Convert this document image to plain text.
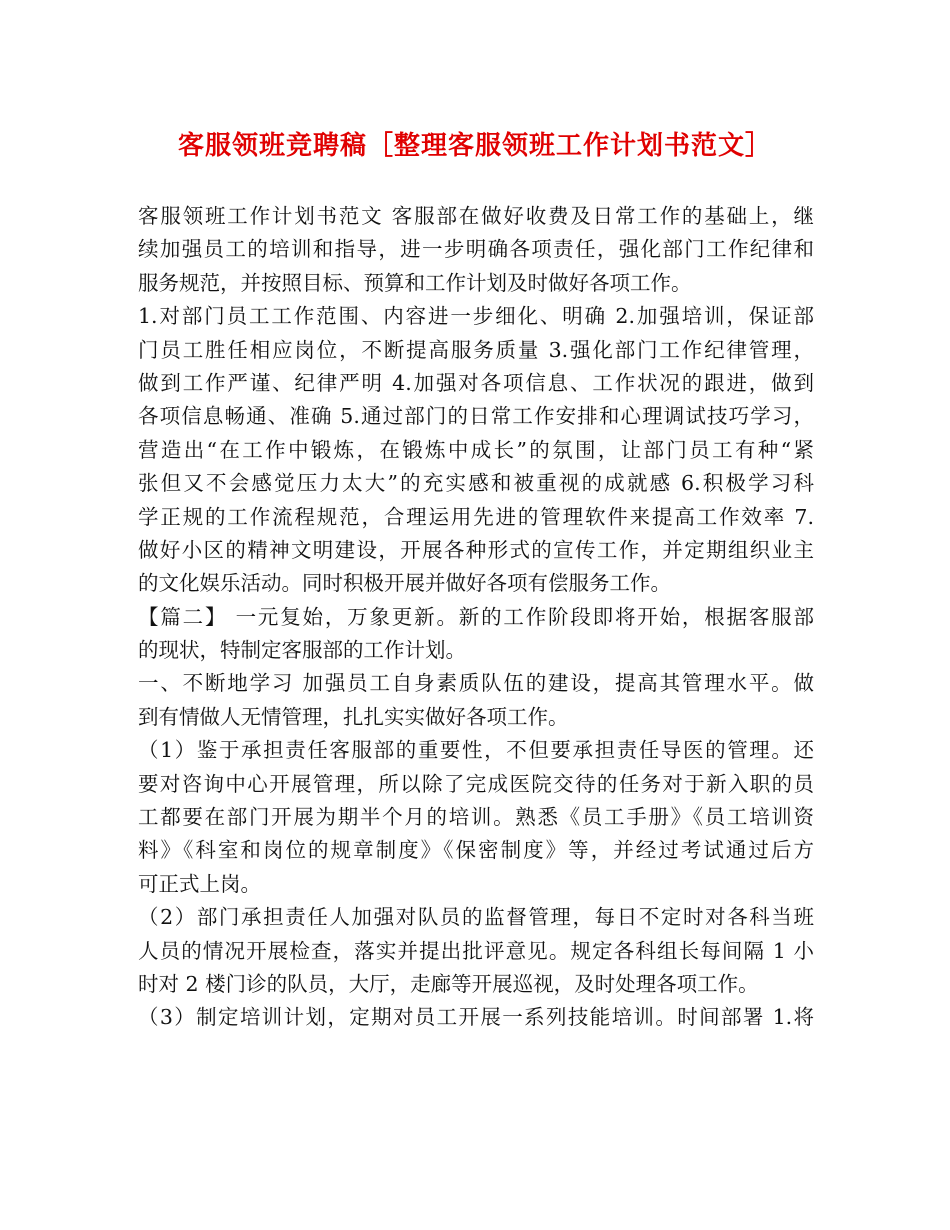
客服领班竞聘稿［整理客服领班工作计划书范文］
客服领班工作计划书范文 客服部在做好收费及日常工作的基础上，继
续加强员工的培训和指导，进一步明确各项责任，强化部门工作纪律和
服务规范，并按照目标、预算和工作计划及时做好各项工作。
1.对部门员工工作范围、内容进一步细化、明确 2.加强培训，保证部
门员工胜任相应岗位，不断提高服务质量 3.强化部门工作纪律管理，
做到工作严谨、纪律严明 4.加强对各项信息、工作状况的跟进，做到
各项信息畅通、准确 5.通过部门的日常工作安排和心理调试技巧学习，
营造出“在工作中锻炼，在锻炼中成长”的氛围，让部门员工有种“紧
张但又不会感觉压力太大”的充实感和被重视的成就感 6.积极学习科
学正规的工作流程规范，合理运用先进的管理软件来提高工作效率 7.
做好小区的精神文明建设，开展各种形式的宣传工作，并定期组织业主
的文化娱乐活动。同时积极开展并做好各项有偿服务工作。
【篇二】 一元复始，万象更新。新的工作阶段即将开始，根据客服部
的现状，特制定客服部的工作计划。
一、不断地学习 加强员工自身素质队伍的建设，提高其管理水平。做
到有情做人无情管理，扎扎实实做好各项工作。
（1）鉴于承担责任客服部的重要性，不但要承担责任导医的管理。还
要对咨询中心开展管理，所以除了完成医院交待的任务对于新入职的员
工都要在部门开展为期半个月的培训。熟悉《员工手册》《员工培训资
料》《科室和岗位的规章制度》《保密制度》等，并经过考试通过后方
可正式上岗。
（2）部门承担责任人加强对队员的监督管理，每日不定时对各科当班
人员的情况开展检查，落实并提出批评意见。规定各科组长每间隔 1 小
时对 2 楼门诊的队员，大厅，走廊等开展巡视，及时处理各项工作。
（3）制定培训计划，定期对员工开展一系列技能培训。时间部署 1.将
